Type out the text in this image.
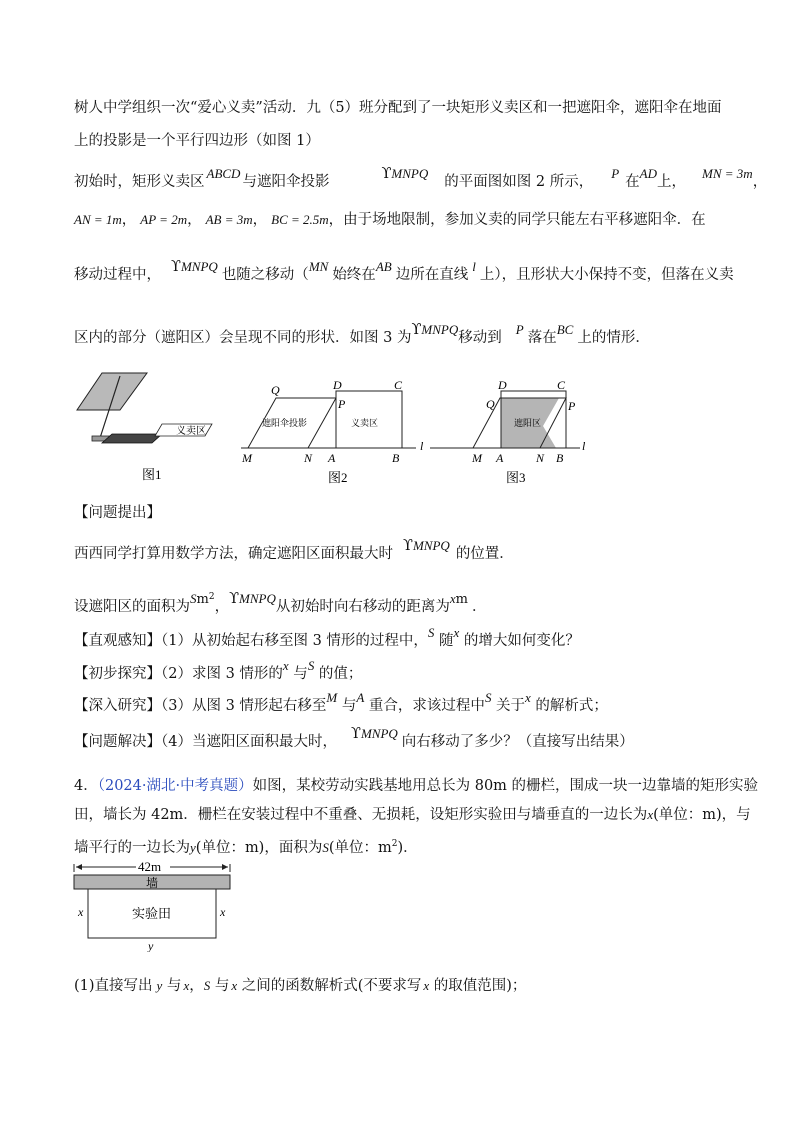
树人中学组织一次“爱心义卖”活动．九（5）班分配到了一块矩形义卖区和一把遮阳伞，遮阳伞在地面
上的投影是一个平行四边形（如图 1）
初始时，矩形义卖区ABCD与遮阳伞投影	ϒMNPQ的平面图如图 2 所示，P在AD上，MN = 3m，
AN = 1m， AP = 2m， AB = 3m， BC = 2.5m，由于场地限制，参加义卖的同学只能左右平移遮阳伞．在
移动过程中， ϒMNPQ也随之移动（MN始终在AB边所在直线l上），且形状大小保持不变，但落在义卖
区内的部分（遮阳区）会呈现不同的形状．如图 3 为ϒMNPQ移动到P落在BC上的情形．
义卖区
图1
遮阳伞投影	义卖区
Q	D	C
P
M	N A	B
l
图2
遮阳区
D	C
Q	P
M A	N B
l
图3
【问题提出】
西西同学打算用数学方法，确定遮阳区面积最大时 ϒMNPQ的位置．
设遮阳区的面积为Sm$^2$，ϒMNPQ从初始时向右移动的距离为xm ．
【直观感知】（1）从初始起右移至图 3 情形的过程中，S 随x 的增大如何变化？
【初步探究】（2）求图 3 情形的x 与S 的值；
【深入研究】（3）从图 3 情形起右移至M 与A 重合，求该过程中S 关于x 的解析式；
【问题解决】（4）当遮阳区面积最大时， ϒMNPQ向右移动了多少？（直接写出结果）
4．（2024·湖北·中考真题）如图，某校劳动实践基地用总长为 80m 的栅栏，围成一块一边靠墙的矩形实验
田，墙长为 42m．栅栏在安装过程中不重叠、无损耗，设矩形实验田与墙垂直的一边长为x(单位：m)，与
墙平行的一边长为y(单位：m)，面积为S(单位：$m^2$)．
42m
墙
实验田
x	x
y
(1)直接写出 y 与 x，S 与 x 之间的函数解析式(不要求写 x 的取值范围)；
